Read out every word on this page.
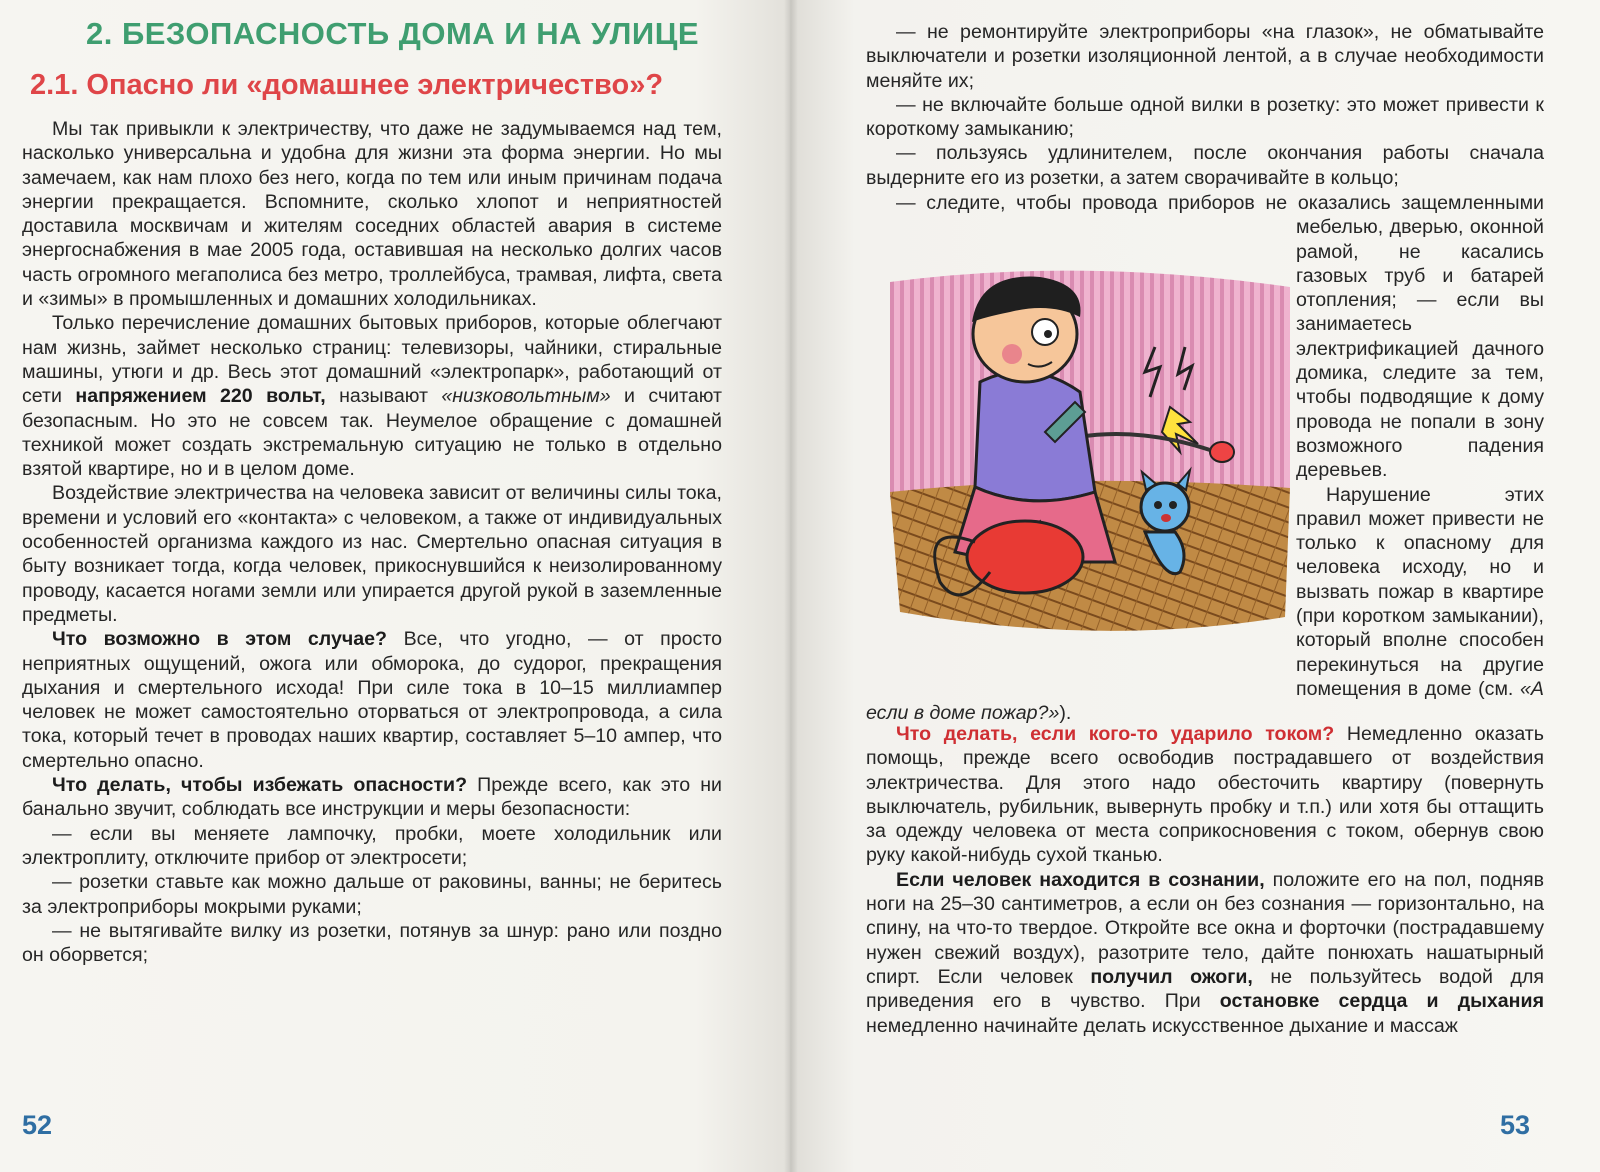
2. БЕЗОПАСНОСТЬ ДОМА И НА УЛИЦЕ
2.1. Опасно ли «домашнее электричество»?

Мы так привыкли к электричеству, что даже не задумываемся над тем, насколько универсальна и удобна для жизни эта форма энергии. Но мы замечаем, как нам плохо без него, когда по тем или иным причинам подача энергии прекращается. Вспомните, сколько хлопот и неприятностей доставила москвичам и жителям соседних областей авария в системе энергоснабжения в мае 2005 года, оставившая на несколько долгих часов часть огромного мегаполиса без метро, троллейбуса, трамвая, лифта, света и «зимы» в промышленных и домашних холодильниках.

Только перечисление домашних бытовых приборов, которые облегчают нам жизнь, займет несколько страниц: телевизоры, чайники, стиральные машины, утюги и др. Весь этот домашний «электропарк», работающий от сети напряжением 220 вольт, называют «низковольтным» и считают безопасным. Но это не совсем так. Неумелое обращение с домашней техникой может создать экстремальную ситуацию не только в отдельно взятой квартире, но и в целом доме.

Воздействие электричества на человека зависит от величины силы тока, времени и условий его «контакта» с человеком, а также от индивидуальных особенностей организма каждого из нас. Смертельно опасная ситуация в быту возникает тогда, когда человек, прикоснувшийся к неизолированному проводу, касается ногами земли или упирается другой рукой в заземленные предметы.

Что возможно в этом случае? Все, что угодно, — от просто неприятных ощущений, ожога или обморока, до судорог, прекращения дыхания и смертельного исхода! При силе тока в 10–15 миллиампер человек не может самостоятельно оторваться от электропровода, а сила тока, который течет в проводах наших квартир, составляет 5–10 ампер, что смертельно опасно.

Что делать, чтобы избежать опасности? Прежде всего, как это ни банально звучит, соблюдать все инструкции и меры безопасности:

— если вы меняете лампочку, пробки, моете холодильник или электроплиту, отключите прибор от электросети;

— розетки ставьте как можно дальше от раковины, ванны; не беритесь за электроприборы мокрыми руками;

— не вытягивайте вилку из розетки, потянув за шнур: рано или поздно он оборвется;

52

— не ремонтируйте электроприборы «на глазок», не обматывайте выключатели и розетки изоляционной лентой, а в случае необходимости меняйте их;

— не включайте больше одной вилки в розетку: это может привести к короткому замыканию;

— пользуясь удлинителем, после окончания работы сначала выдерните его из розетки, а затем сворачивайте в кольцо;

— следите, чтобы провода приборов не оказались защемленными мебелью, дверью, оконной рамой, не касались газовых труб и батарей отопления; — если вы занимаетесь электрификацией дачного домика, следите за тем, чтобы подводящие к дому провода не попали в зону возможного падения деревьев.

Нарушение этих правил может привести не только к опасному для человека исходу, но и вызвать пожар в квартире (при коротком замыкании), который вполне способен перекинуться на другие помещения в доме (см. «А если в доме пожар?»).

Что делать, если кого-то ударило током? Немедленно оказать помощь, прежде всего освободив пострадавшего от воздействия электричества. Для этого надо обесточить квартиру (повернуть выключатель, рубильник, вывернуть пробку и т.п.) или хотя бы оттащить за одежду человека от места соприкосновения с током, обернув свою руку какой-нибудь сухой тканью.

Если человек находится в сознании, положите его на пол, подняв ноги на 25–30 сантиметров, а если он без сознания — горизонтально, на спину, на что-то твердое. Откройте все окна и форточки (пострадавшему нужен свежий воздух), разотрите тело, дайте понюхать нашатырный спирт. Если человек получил ожоги, не пользуйтесь водой для приведения его в чувство. При остановке сердца и дыхания немедленно начинайте делать искусственное дыхание и массаж

53
